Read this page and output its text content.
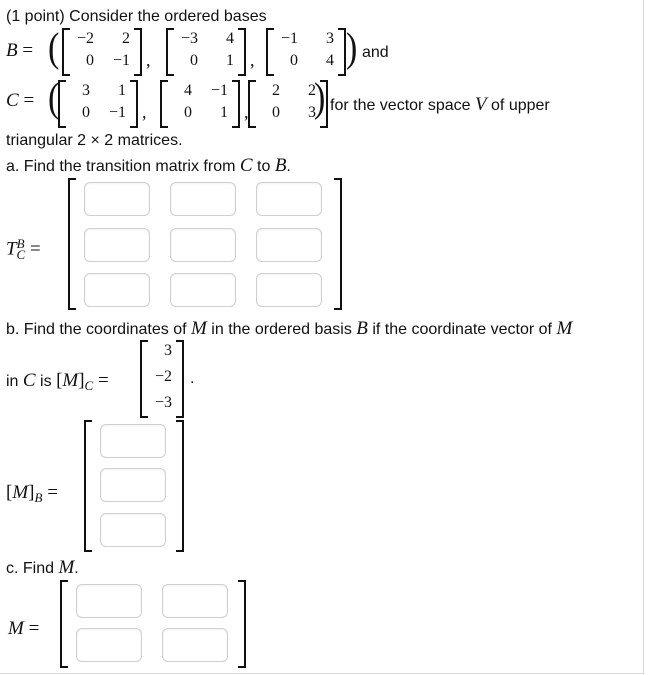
(1 point) Consider the ordered bases
B = (	−2	2
0	−1 ,
−3	4
0	1 ,
−1	3
0	4 ) and
C = (	3	1
0	−1 ,
4	−1
0	1 ,
2	2
0	3
) for the vector space V of upper
triangular 2 × 2 matrices.
a. Find the transition matrix from C to B.
$T^B_C$ =
b. Find the coordinates of M in the ordered basis B if the coordinate vector of M
in C is $[M]_C$ =
3
−2
−3
.
$[M]_B$ =
c. Find M.
M =
